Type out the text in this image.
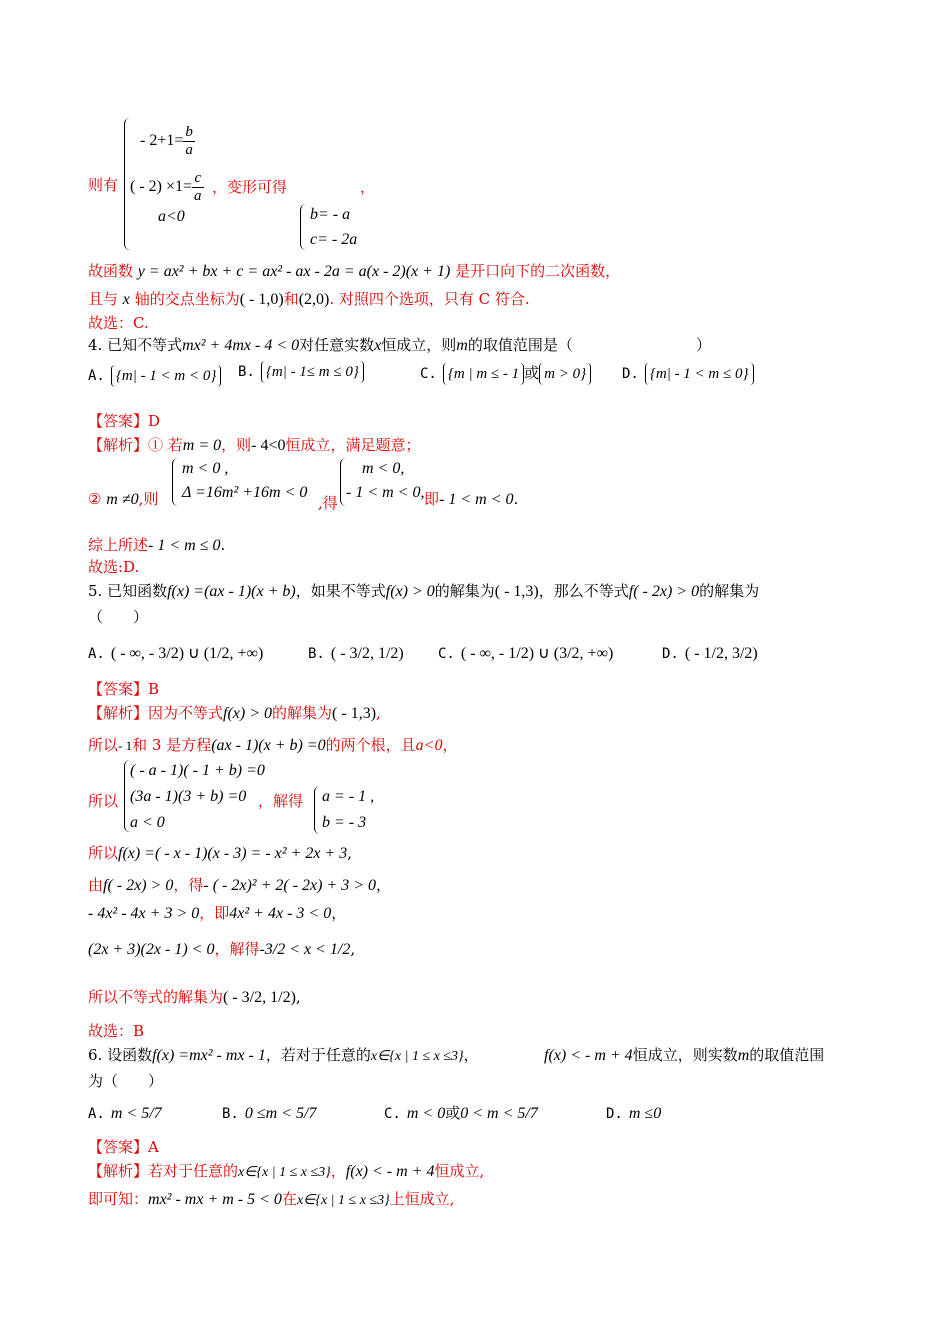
- $2+1= \frac{b}{a}$
则有 ( - $2) \times 1= \frac{c}{a}$ ，变形可得	，
a<0	b= - a
c= - 2a
故函数 y = ax² + bx + c = ax² - ax - 2a = a(x - 2)(x + 1) 是开口向下的二次函数，
且与 x 轴的交点坐标为( - 1,0)和(2,0). 对照四个选项，只有 C 符合.
故选：C.
4. 已知不等式mx² + 4mx - 4 < 0对任意实数x恒成立，则m的取值范围是（	）
A. {m| - 1 < m < 0}	B. {m| - 1≤ m ≤ 0}	C. {m | m ≤ - 1 或 m > 0}	D. {m| - 1 < m ≤ 0}
【答案】D
【解析】① 若m = 0，则- 4<0恒成立，满足题意；
m < 0 ,
Δ =16m² +16m < 0
② m ≠0,则	,得
m < 0,
- 1 < m < 0, 即- 1 < m < 0.
综上所述- 1 < m ≤ 0.
故选:D.
5. 已知函数f(x) =(ax - 1)(x + b)，如果不等式f(x) > 0的解集为( - 1,3)，那么不等式f( - 2x) > 0的解集为
（　　）
A. ( - ∞, - 3/2) ∪ (1/2, +∞)	B. ( - 3/2, 1/2) C. ( - ∞, - 1/2) ∪ (3/2, +∞)	D. ( - 1/2, 3/2)
【答案】B
【解析】因为不等式f(x) > 0的解集为( - 1,3),
所以- 1和 3 是方程(ax - 1)(x + b) =0的两个根，且a<0，
( - a - 1)( - 1 + b) =0
(3a - 1)(3 + b) =0
a < 0
所以	，解得 a = - 1 ,
b = - 3
所以f(x) =( - x - 1)(x - 3) = - x² + 2x + 3,
由f( - 2x) > 0，得- ( - 2x)² + 2( - 2x) + 3 > 0，
- 4x² - 4x + 3 > 0，即4x² + 4x - 3 < 0，
(2x + 3)(2x - 1) < 0，解得-3/2 < x < 1/2,
所以不等式的解集为( - 3/2, 1/2),
故选：B
6. 设函数f(x) =mx² - mx - 1，若对于任意的x∈{x | 1 ≤ x ≤3}，	f(x) < - m + 4恒成立，则实数m的取值范围
为（　　）
A. m < 5/7	B. 0 ≤m < 5/7	C. m < 0或0 < m < 5/7	D. m ≤0
【答案】A
【解析】若对于任意的x∈{x | 1 ≤ x ≤3}，f(x) < - m + 4恒成立,
即可知：mx² - mx + m - 5 < 0在x∈{x | 1 ≤ x ≤3}上恒成立,
